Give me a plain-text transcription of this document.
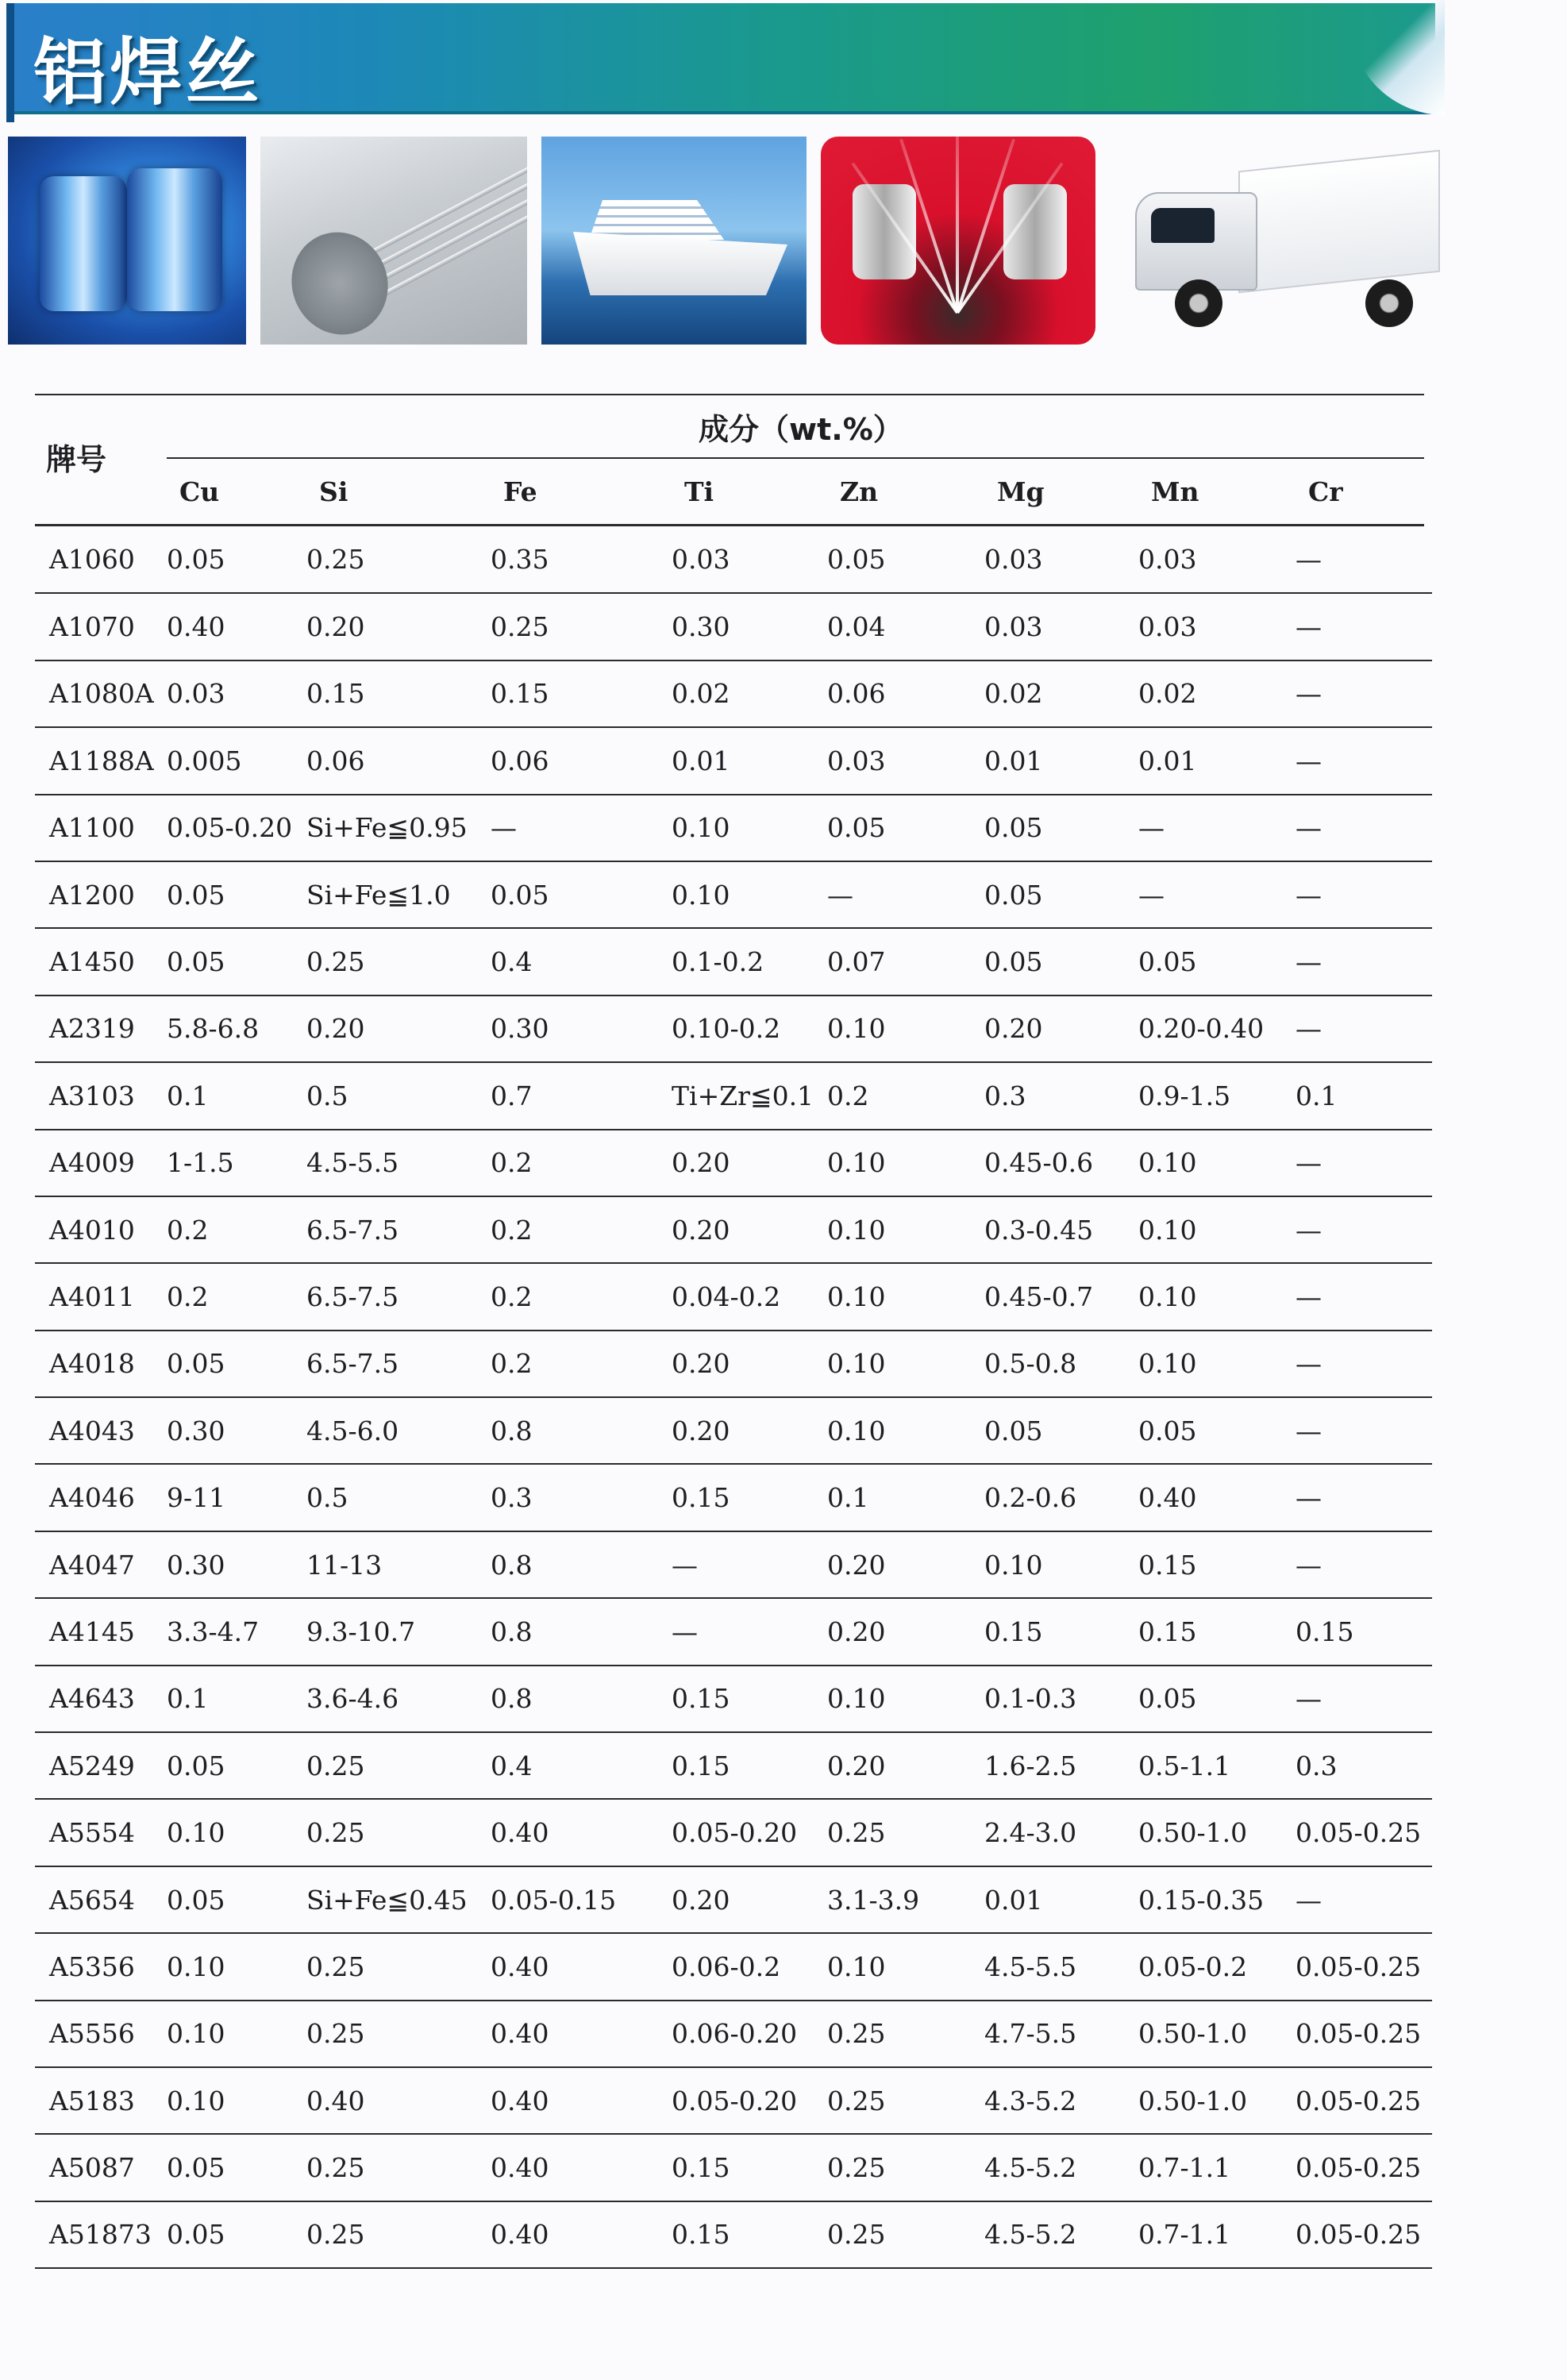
铝焊丝
牌号
成分（wt.%）
Cu	Si	Fe	Ti	Zn	Mg	Mn	Cr
A1060	0.05	0.25	0.35	0.03	0.05	0.03	0.03	—
A1070	0.40	0.20	0.25	0.30	0.04	0.03	0.03	—
A1080A	0.03	0.15	0.15	0.02	0.06	0.02	0.02	—
A1188A	0.005	0.06	0.06	0.01	0.03	0.01	0.01	—
A1100	0.05-0.20	Si+Fe≦0.95	—	0.10	0.05	0.05	—	—
A1200	0.05	Si+Fe≦1.0	0.05	0.10	—	0.05	—	—
A1450	0.05	0.25	0.4	0.1-0.2	0.07	0.05	0.05	—
A2319	5.8-6.8	0.20	0.30	0.10-0.2	0.10	0.20	0.20-0.40	—
A3103	0.1	0.5	0.7	Ti+Zr≦0.1	0.2	0.3	0.9-1.5	0.1
A4009	1-1.5	4.5-5.5	0.2	0.20	0.10	0.45-0.6	0.10	—
A4010	0.2	6.5-7.5	0.2	0.20	0.10	0.3-0.45	0.10	—
A4011	0.2	6.5-7.5	0.2	0.04-0.2	0.10	0.45-0.7	0.10	—
A4018	0.05	6.5-7.5	0.2	0.20	0.10	0.5-0.8	0.10	—
A4043	0.30	4.5-6.0	0.8	0.20	0.10	0.05	0.05	—
A4046	9-11	0.5	0.3	0.15	0.1	0.2-0.6	0.40	—
A4047	0.30	11-13	0.8	—	0.20	0.10	0.15	—
A4145	3.3-4.7	9.3-10.7	0.8	—	0.20	0.15	0.15	0.15
A4643	0.1	3.6-4.6	0.8	0.15	0.10	0.1-0.3	0.05	—
A5249	0.05	0.25	0.4	0.15	0.20	1.6-2.5	0.5-1.1	0.3
A5554	0.10	0.25	0.40	0.05-0.20	0.25	2.4-3.0	0.50-1.0	0.05-0.25
A5654	0.05	Si+Fe≦0.45	0.05-0.15	0.20	3.1-3.9	0.01	0.15-0.35	—
A5356	0.10	0.25	0.40	0.06-0.2	0.10	4.5-5.5	0.05-0.2	0.05-0.25
A5556	0.10	0.25	0.40	0.06-0.20	0.25	4.7-5.5	0.50-1.0	0.05-0.25
A5183	0.10	0.40	0.40	0.05-0.20	0.25	4.3-5.2	0.50-1.0	0.05-0.25
A5087	0.05	0.25	0.40	0.15	0.25	4.5-5.2	0.7-1.1	0.05-0.25
A51873	0.05	0.25	0.40	0.15	0.25	4.5-5.2	0.7-1.1	0.05-0.25
